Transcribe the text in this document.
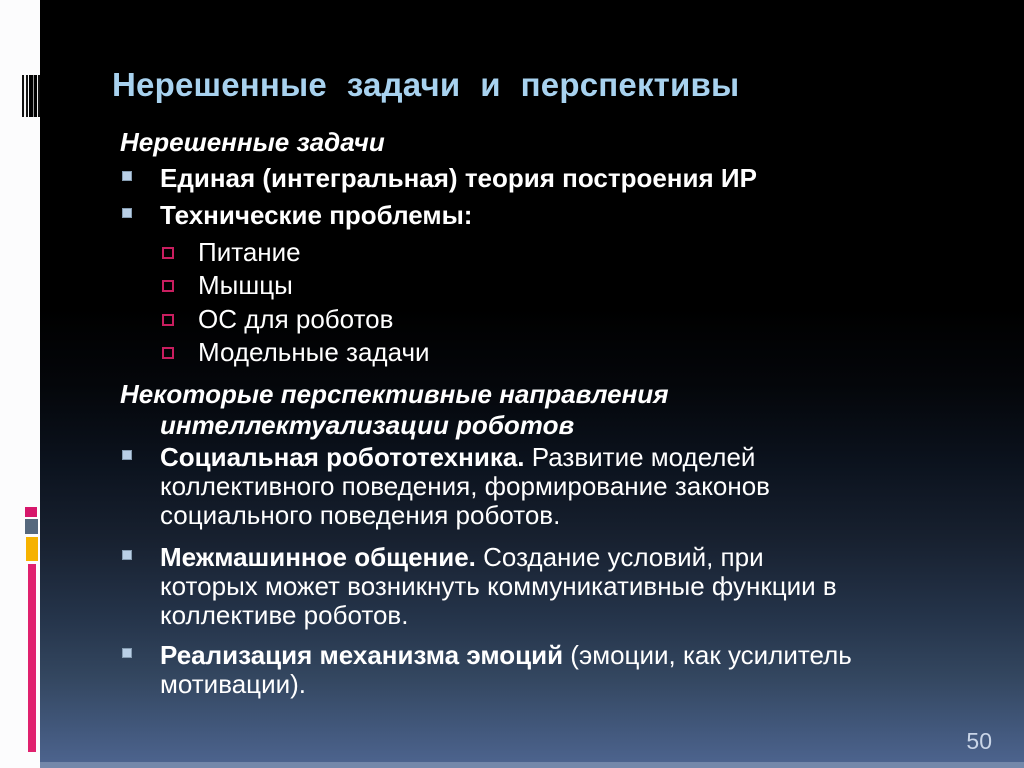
Нерешенные задачи и перспективы
Нерешенные задачи
Единая (интегральная) теория построения ИР
Технические проблемы:
Питание
Мышцы
ОС для роботов
Модельные задачи
Некоторые перспективные направления
интеллектуализации роботов
Социальная робототехника. Развитие моделей
коллективного поведения, формирование законов
социального поведения роботов.
Межмашинное общение. Создание условий, при
которых может возникнуть коммуникативные функции в
коллективе роботов.
Реализация механизма эмоций (эмоции, как усилитель
мотивации).
50
